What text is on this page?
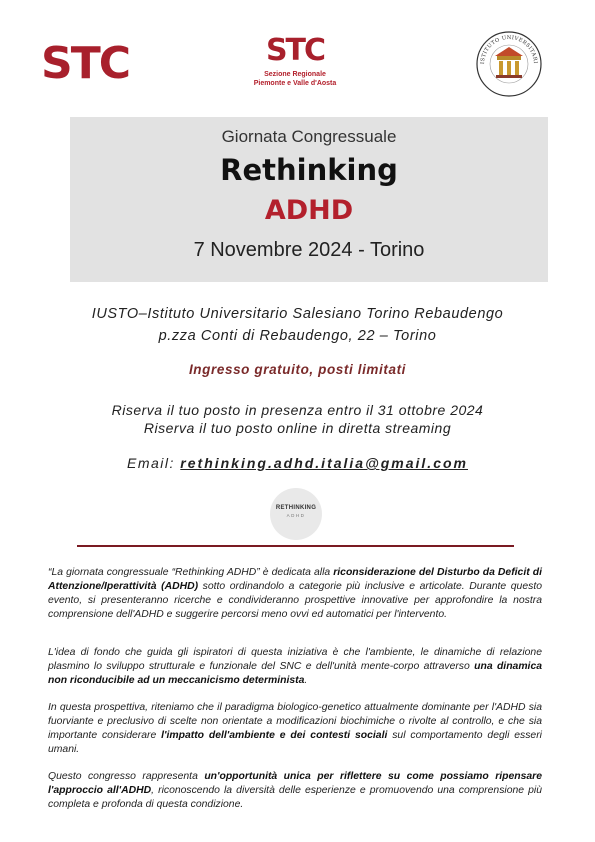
STC	STC
Sezione Regionale
Piemonte e Valle d'Aosta
ISTITUTO UNIVERSITARI
Giornata Congressuale
Rethinking
ADHD
7 Novembre 2024 - Torino
IUSTO–Istituto Universitario Salesiano Torino Rebaudengo
p.zza Conti di Rebaudengo, 22 – Torino
Ingresso gratuito, posti limitati
Riserva il tuo posto in presenza entro il 31 ottobre 2024
Riserva il tuo posto online in diretta streaming
Email: rethinking.adhd.italia@gmail.com
RETHINKING
ADHD

“La giornata congressuale “Rethinking ADHD” è dedicata alla riconsiderazione del Disturbo da Deficit di Attenzione/Iperattività (ADHD) sotto ordinandolo a categorie più inclusive e articolate. Durante questo evento, si presenteranno ricerche e condivideranno prospettive innovative per approfondire la nostra comprensione dell'ADHD e suggerire percorsi meno ovvi ed automatici per l'intervento.

L'idea di fondo che guida gli ispiratori di questa iniziativa è che l'ambiente, le dinamiche di relazione plasmino lo sviluppo strutturale e funzionale del SNC e dell'unità mente-corpo attraverso una dinamica non riconducibile ad un meccanicismo determinista.

In questa prospettiva, riteniamo che il paradigma biologico-genetico attualmente dominante per l'ADHD sia fuorviante e preclusivo di scelte non orientate a modificazioni biochimiche o rivolte al controllo, e che sia importante considerare l'impatto dell'ambiente e dei contesti sociali sul comportamento degli esseri umani.

Questo congresso rappresenta un'opportunità unica per riflettere su come possiamo ripensare l'approccio all'ADHD, riconoscendo la diversità delle esperienze e promuovendo una comprensione più completa e profonda di questa condizione.
